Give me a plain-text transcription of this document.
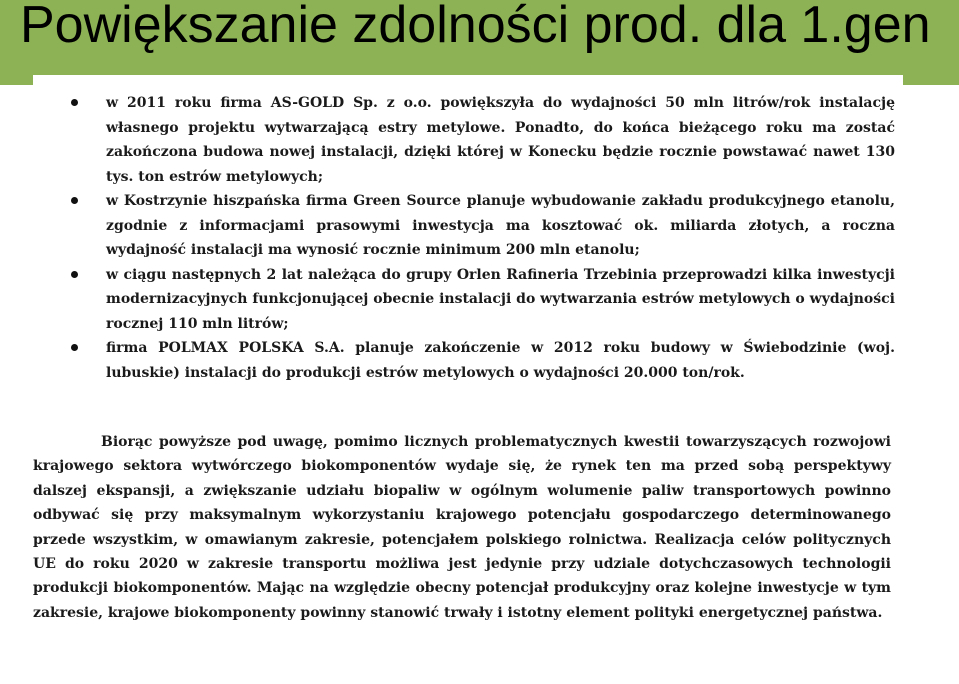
Powiększanie zdolności prod. dla 1.gen
w 2011 roku firma AS-GOLD Sp. z o.o. powiększyła do wydajności 50 mln litrów/rok instalację własnego projektu wytwarzającą estry metylowe. Ponadto, do końca bieżącego roku ma zostać zakończona budowa nowej instalacji, dzięki której w Konecku będzie rocznie powstawać nawet 130 tys. ton estrów metylowych;
w Kostrzynie hiszpańska firma Green Source planuje wybudowanie zakładu produkcyjnego etanolu, zgodnie z informacjami prasowymi inwestycja ma kosztować ok. miliarda złotych, a roczna wydajność instalacji ma wynosić rocznie minimum 200 mln etanolu;
w ciągu następnych 2 lat należąca do grupy Orlen Rafineria Trzebinia przeprowadzi kilka inwestycji modernizacyjnych funkcjonującej obecnie instalacji do wytwarzania estrów metylowych o wydajności rocznej 110 mln litrów;
firma POLMAX POLSKA S.A. planuje zakończenie w 2012 roku budowy w Świebodzinie (woj. lubuskie) instalacji do produkcji estrów metylowych o wydajności 20.000 ton/rok.

Biorąc powyższe pod uwagę, pomimo licznych problematycznych kwestii towarzyszących rozwojowi krajowego sektora wytwórczego biokomponentów wydaje się, że rynek ten ma przed sobą perspektywy dalszej ekspansji, a zwiększanie udziału biopaliw w ogólnym wolumenie paliw transportowych powinno odbywać się przy maksymalnym wykorzystaniu krajowego potencjału gospodarczego determinowanego przede wszystkim, w omawianym zakresie, potencjałem polskiego rolnictwa. Realizacja celów politycznych UE do roku 2020 w zakresie transportu możliwa jest jedynie przy udziale dotychczasowych technologii produkcji biokomponentów. Mając na względzie obecny potencjał produkcyjny oraz kolejne inwestycje w tym zakresie, krajowe biokomponenty powinny stanowić trwały i istotny element polityki energetycznej państwa.
